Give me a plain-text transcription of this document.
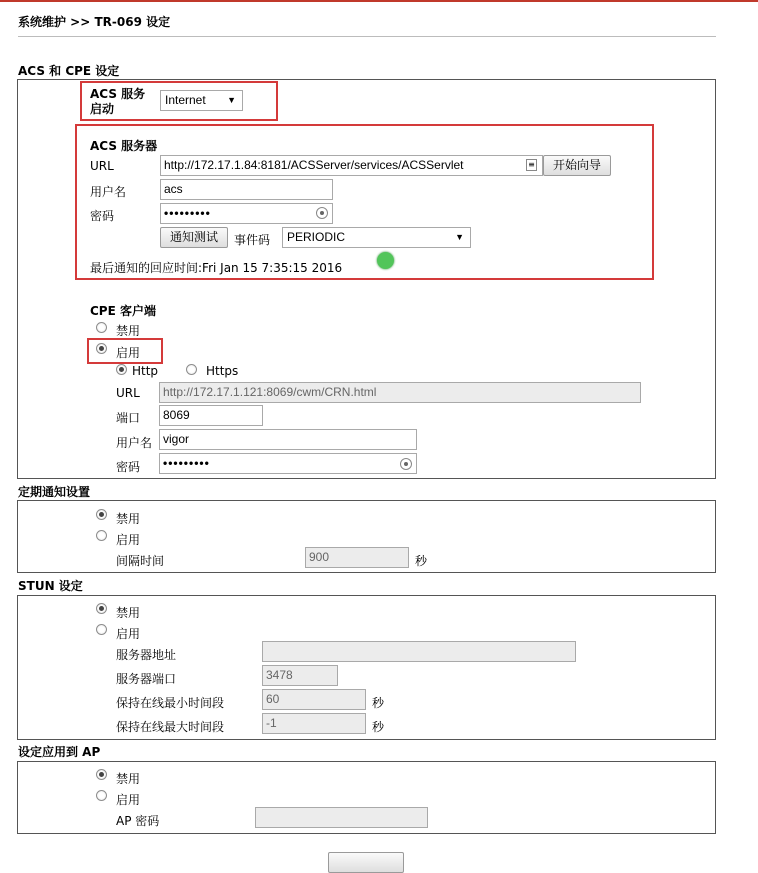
系统维护 >> TR-069 设定
ACS 和 CPE 设定
ACS 服务
启动
Internet ▼
ACS 服务器
URL	http://172.17.1.84:8181/ACSServer/services/ACSServlet	≡	开始向导
用户名	acs
密码	•••••••••
通知测试	事件码	PERIODIC	▼
最后通知的回应时间:Fri Jan 15 7:35:15 2016
CPE 客户端
禁用
启用
Http	Https
URL	http://172.17.1.121:8069/cwm/CRN.html
端口	8069
用户名 vigor
密码	•••••••••
定期通知设置
禁用
启用
间隔时间	900	秒
STUN 设定
禁用
启用
服务器地址
服务器端口	3478
保持在线最小时间段	60	秒
保持在线最大时间段	-1	秒
设定应用到 AP
禁用
启用
AP 密码
